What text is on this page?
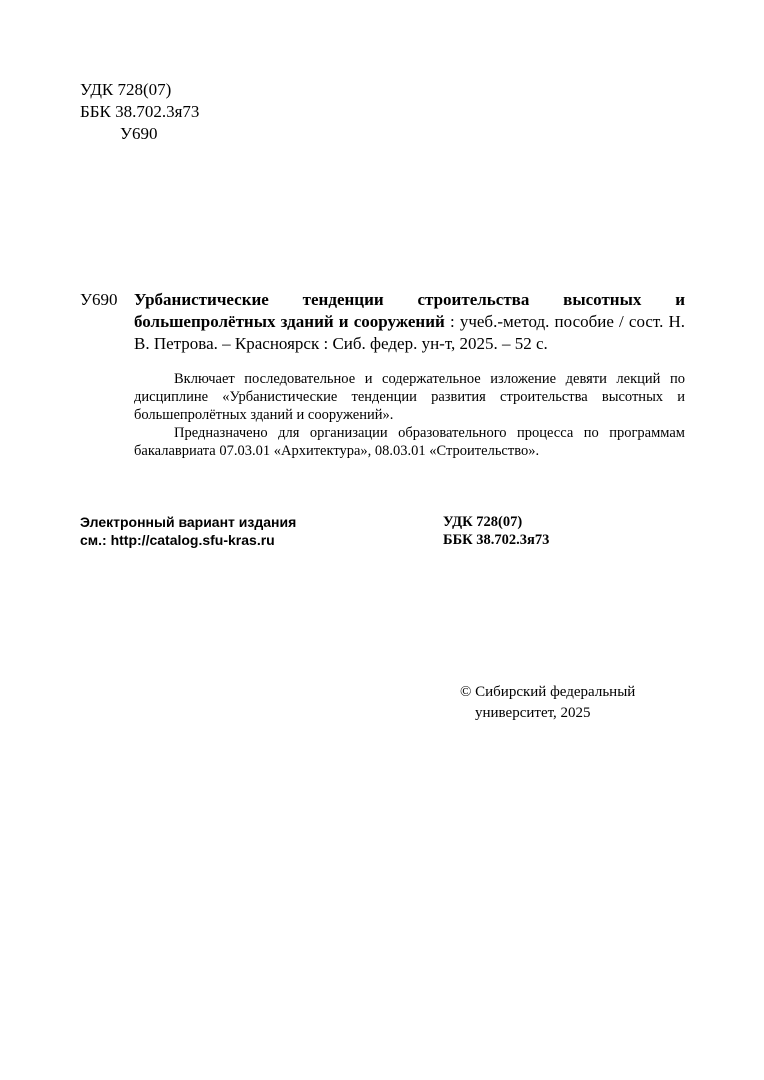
УДК 728(07)
ББК 38.702.3я73
У690
У690 Урбанистические тенденции строительства высотных и большепролётных зданий и сооружений : учеб.-метод. пособие / сост. Н. В. Петрова. – Красноярск : Сиб. федер. ун-т, 2025. – 52 с.

Включает последовательное и содержательное изложение девяти лекций по дисциплине «Урбанистические тенденции развития строительства высотных и большепролётных зданий и сооружений».

Предназначено для организации образовательного процесса по программам бакалавриата 07.03.01 «Архитектура», 08.03.01 «Строительство».

Электронный вариант издания
см.: http://catalog.sfu-kras.ru
УДК 728(07)
ББК 38.702.3я73
© Сибирский федеральный
университет, 2025
